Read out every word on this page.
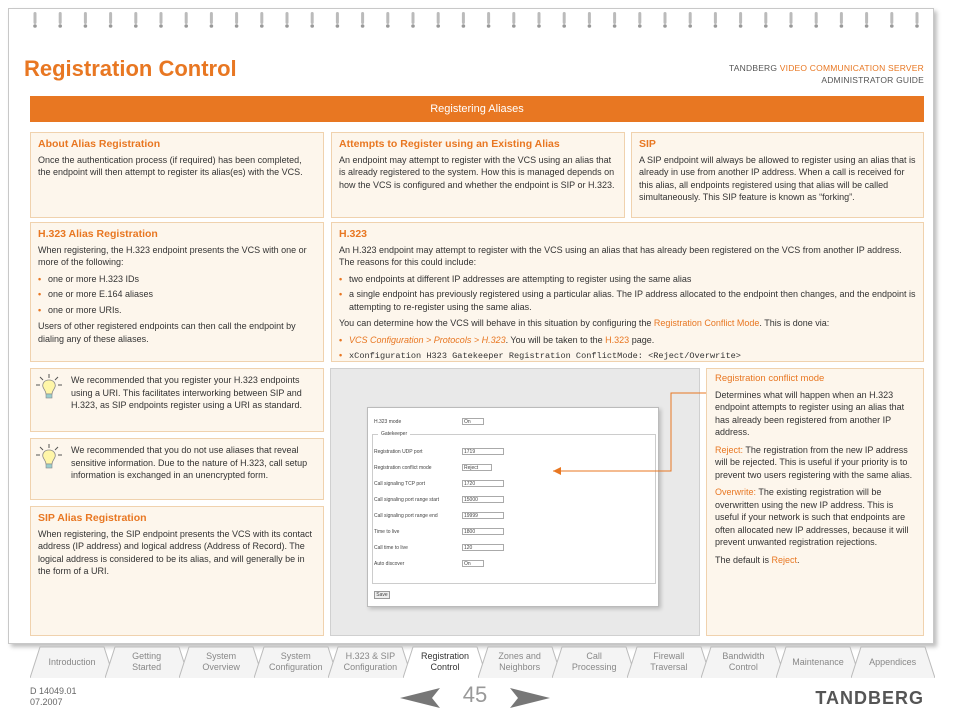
Registration Control	TANDBERG VIDEO COMMUNICATION SERVER
ADMINISTRATOR GUIDE
Registering Aliases
About Alias Registration

Once the authentication process (if required) has been completed, the endpoint will then attempt to register its alias(es) with the VCS.

Attempts to Register using an Existing Alias

An endpoint may attempt to register with the VCS using an alias that is already registered to the system. How this is managed depends on how the VCS is configured and whether the endpoint is SIP or H.323.

SIP

A SIP endpoint will always be allowed to register using an alias that is already in use from another IP address. When a call is received for this alias, all endpoints registered using that alias will be called simultaneously. This SIP feature is known as “forking”.

H.323 Alias Registration

When registering, the H.323 endpoint presents the VCS with one or more of the following:

• one or more H.323 IDs
• one or more E.164 aliases
• one or more URIs.

Users of other registered endpoints can then call the endpoint by dialing any of these aliases.

H.323

An H.323 endpoint may attempt to register with the VCS using an alias that has already been registered on the VCS from another IP address. The reasons for this could include:

• two endpoints at different IP addresses are attempting to register using the same alias
• a single endpoint has previously registered using a particular alias. The IP address allocated to the endpoint then changes, and the endpoint is attempting to re-register using the same alias.

You can determine how the VCS will behave in this situation by configuring the Registration Conflict Mode. This is done via:

• VCS Configuration > Protocols > H.323. You will be taken to the H.323 page.
• xConfiguration H323 Gatekeeper Registration ConflictMode: <Reject/Overwrite>

We recommended that you register your H.323 endpoints using a URI. This facilitates interworking between SIP and H.323, as SIP endpoints register using a URI as standard.

We recommended that you do not use aliases that reveal sensitive information. Due to the nature of H.323, call setup information is exchanged in an unencrypted form.

SIP Alias Registration

When registering, the SIP endpoint presents the VCS with its contact address (IP address) and logical address (Address of Record). The logical address is considered to be its alias, and will generally be in the form of a URI.

H.323 mode	On
Gatekeeper
Registration UDP port	1719
Registration conflict mode	Reject
Call signaling TCP port	1720
Call signaling port range start	15000
Call signaling port range end	19999
Time to live	1800
Call time to live	120
Auto discover	On
Save
Registration conflict mode

Determines what will happen when an H.323 endpoint attempts to register using an alias that has already been registered from another IP address.

Reject: The registration from the new IP address will be rejected. This is useful if your priority is to prevent two users registering with the same alias.

Overwrite: The existing registration will be overwritten using the new IP address. This is useful if your network is such that endpoints are often allocated new IP addresses, because it will prevent unwanted registration rejections.

The default is Reject.

Introduction
Getting
Started
System
Overview
System
Configuration
H.323 & SIP
Configuration
Registration
Control
Zones and
Neighbors
Call
Processing
Firewall
Traversal
Bandwidth
Control
Maintenance	Appendices
D 14049.01
07.2007	45	TANDBERG
